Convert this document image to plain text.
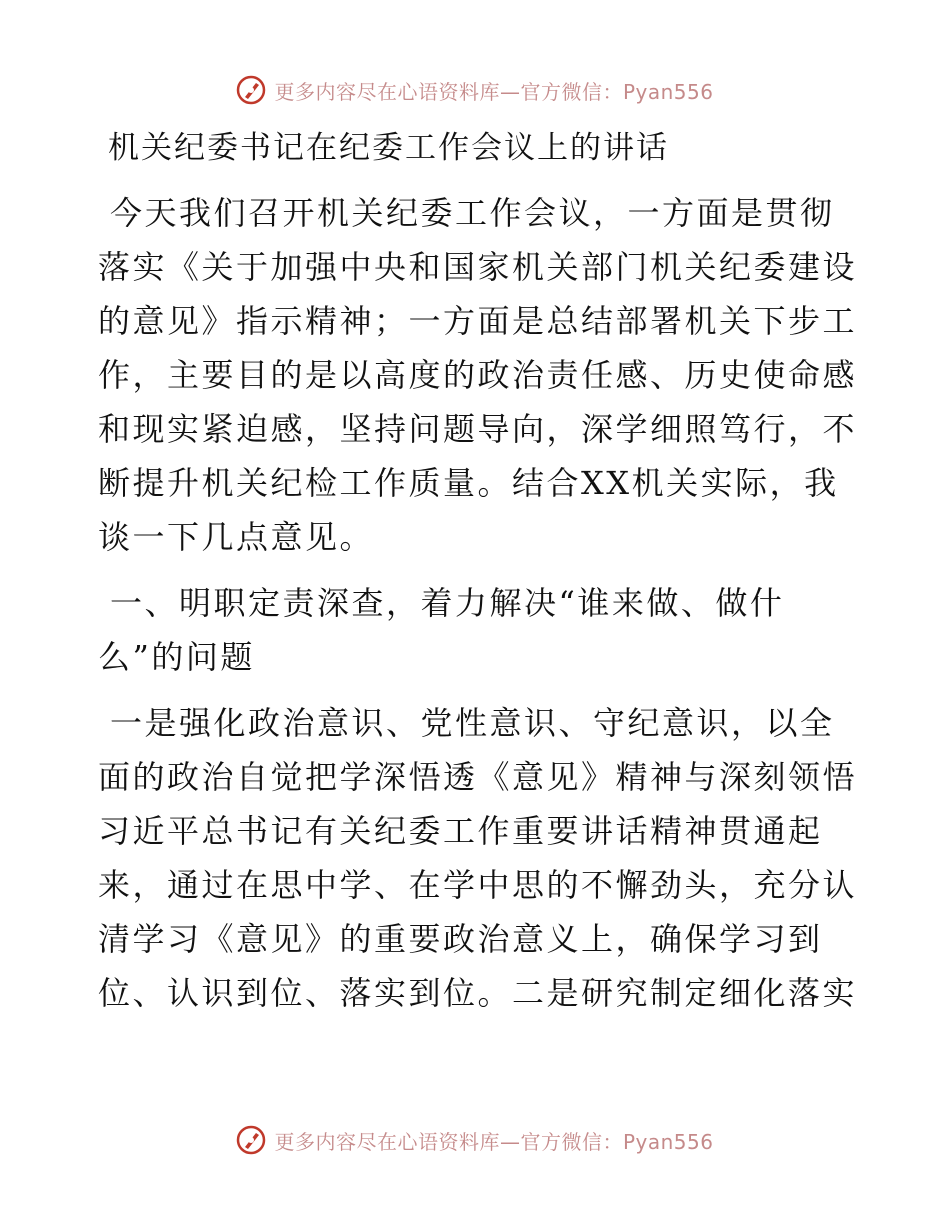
更多内容尽在心语资料库—官方微信：Pyan556
机关纪委书记在纪委工作会议上的讲话

今天我们召开机关纪委工作会议，一方面是贯彻落实《关于加强中央和国家机关部门机关纪委建设的意见》指示精神；一方面是总结部署机关下步工作，主要目的是以高度的政治责任感、历史使命感和现实紧迫感，坚持问题导向，深学细照笃行，不断提升机关纪检工作质量。结合XX机关实际，我谈一下几点意见。

一、明职定责深查，着力解决“谁来做、做什么”的问题

一是强化政治意识、党性意识、守纪意识，以全面的政治自觉把学深悟透《意见》精神与深刻领悟习近平总书记有关纪委工作重要讲话精神贯通起来，通过在思中学、在学中思的不懈劲头，充分认清学习《意见》的重要政治意义上，确保学习到位、认识到位、落实到位。二是研究制定细化落实

更多内容尽在心语资料库—官方微信：Pyan556
